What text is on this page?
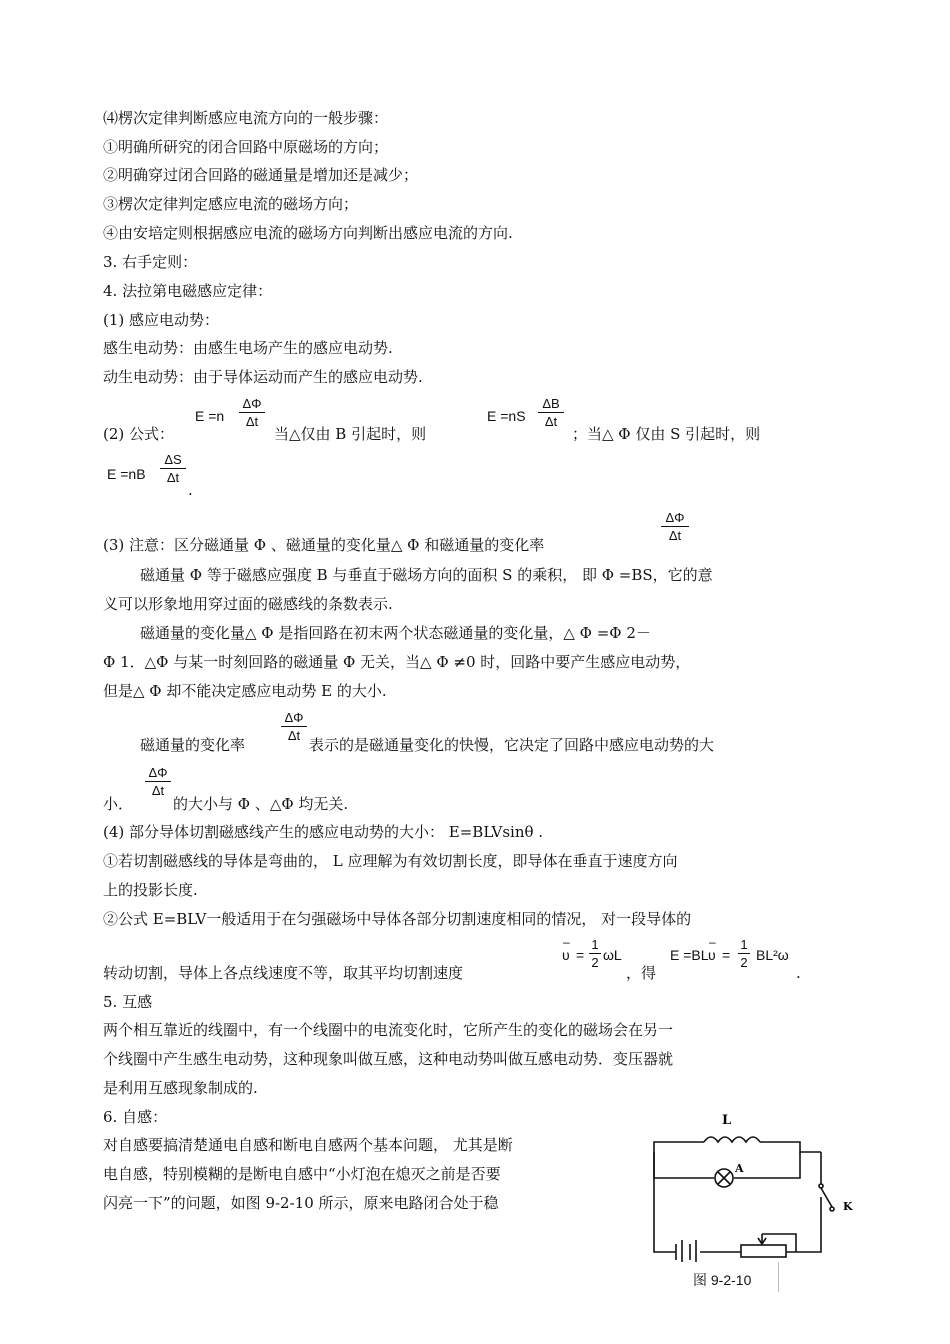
⑷楞次定律判断感应电流方向的一般步骤：
①明确所研究的闭合回路中原磁场的方向；
②明确穿过闭合回路的磁通量是增加还是减少；
③楞次定律判定感应电流的磁场方向；
④由安培定则根据感应电流的磁场方向判断出感应电流的方向.
3. 右手定则：
4. 法拉第电磁感应定律：
(1) 感应电动势：
感生电动势：由感生电场产生的感应电动势.
动生电动势：由于导体运动而产生的感应电动势.
(2) 公式：
E =n
ΔΦ
Δt
当△仅由 B 引起时，则
E =nS
ΔB
Δt
；当△ Φ 仅由 S 引起时，则
E =nB
ΔS
Δt
.
(3) 注意：区分磁通量 Φ 、磁通量的变化量△ Φ 和磁通量的变化率
ΔΦ
Δt
磁通量 Φ 等于磁感应强度 B 与垂直于磁场方向的面积 S 的乘积， 即 Φ =BS，它的意
义可以形象地用穿过面的磁感线的条数表示.
磁通量的变化量△ Φ 是指回路在初末两个状态磁通量的变化量，△ Φ =Φ 2－
Φ 1．△Φ 与某一时刻回路的磁通量 Φ 无关，当△ Φ ≠0 时，回路中要产生感应电动势，
但是△ Φ 却不能决定感应电动势 E 的大小.
磁通量的变化率
ΔΦ
Δt
表示的是磁通量变化的快慢，它决定了回路中感应电动势的大
ΔΦ
Δt
小．	的大小与 Φ 、△Φ 均无关.
(4) 部分导体切割磁感线产生的感应电动势的大小： E=BLVsinθ .
①若切割磁感线的导体是弯曲的， L 应理解为有效切割长度，即导体在垂直于速度方向
上的投影长度.
②公式 E=BLV一般适用于在匀强磁场中导体各部分切割速度相同的情况， 对一段导体的
转动切割，导体上各点线速度不等，取其平均切割速度
–
υ =
1
2 ωL
，得
E =BL
–
υ =
1
2 BL²ω
.
5. 互感
两个相互靠近的线圈中，有一个线圈中的电流变化时，它所产生的变化的磁场会在另一
个线圈中产生感生电动势，这种现象叫做互感，这种电动势叫做互感电动势．变压器就
是利用互感现象制成的.
6. 自感：
对自感要搞清楚通电自感和断电自感两个基本问题， 尤其是断
电自感，特别模糊的是断电自感中“小灯泡在熄灭之前是否要
闪亮一下”的问题，如图 9-2-10 所示，原来电路闭合处于稳
L
A
K
图 9-2-10
